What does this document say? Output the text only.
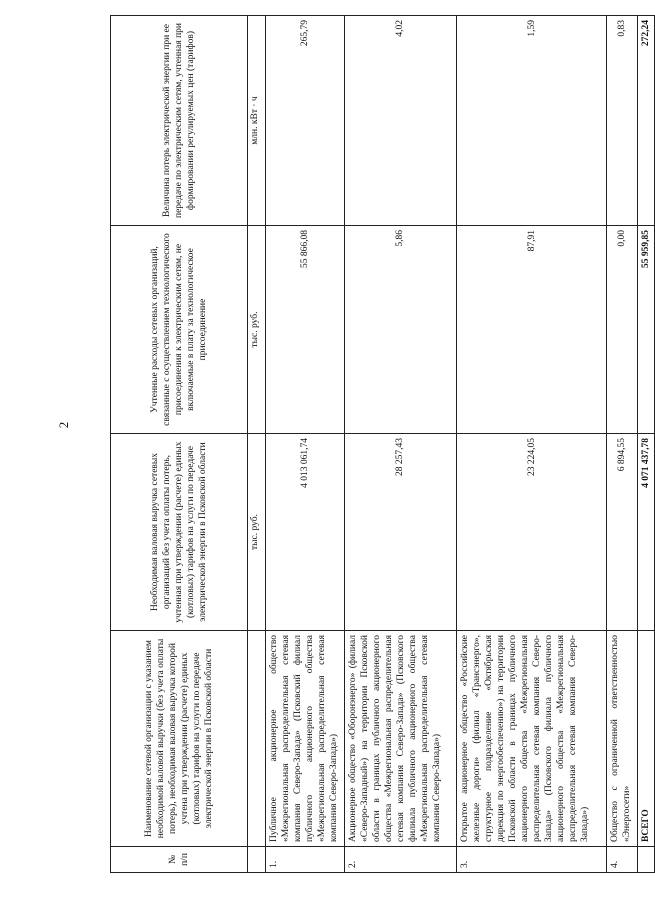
2
№ п/п	Наименование сетевой организации с указанием необходимой валовой выручки (без учета оплаты потерь), необходимая валовая выручка которой учтена при утверждении (расчете) единых (котловых) тарифов на услуги по передаче электрической энергии в Псковской области	Необходимая валовая выручка сетевых организаций без учета оплаты потерь, учтенная при утверждении (расчете) единых (котловых) тарифов на услуги по передаче электрической энергии в Псковской области	Учтенные расходы сетевых организаций, связанные с осуществлением технологического присоединения к электрическим сетям, не включаемые в плату за технологическое присоединение	Величина потерь электрической энергии при ее передаче по электрическим сетям, учтенная при формировании регулируемых цен (тарифов)
		тыс. руб.	тыс. руб.	млн. кВт · ч
1.	Публичное акционерное общество «Межрегиональная распределительная сетевая компания Северо-Запада» (Псковский филиал публичного акционерного общества «Межрегиональная распределительная сетевая компания Северо-Запада»)	4 013 061,74	55 866,08	265,79
2.	Акционерное общество «Оборонэнерго» (филиал «Северо-Западный») на территории Псковской области в границах публичного акционерного общества «Межрегиональная распределительная сетевая компания Северо-Запада» (Псковского филиала публичного акционерного общества «Межрегиональная распределительная сетевая компания Северо-Запада»)	28 257,43	5,86	4,02
3.	Открытое акционерное общество «Российские железные дороги» (филиал «Трансэнерго», структурное подразделение «Октябрьская дирекция по энергообеспечению») на территории Псковской области в границах публичного акционерного общества «Межрегиональная распределительная сетевая компания Северо-Запада» (Псковского филиала публичного акционерного общества «Межрегиональная распределительная сетевая компания Северо-Запада»)	23 224,05	87,91	1,59
4.	Общество с ограниченной ответственностью «Энергосети»	6 894,55	0,00	0,83
	ВСЕГО	4 071 437,78	55 959,85	272,24
